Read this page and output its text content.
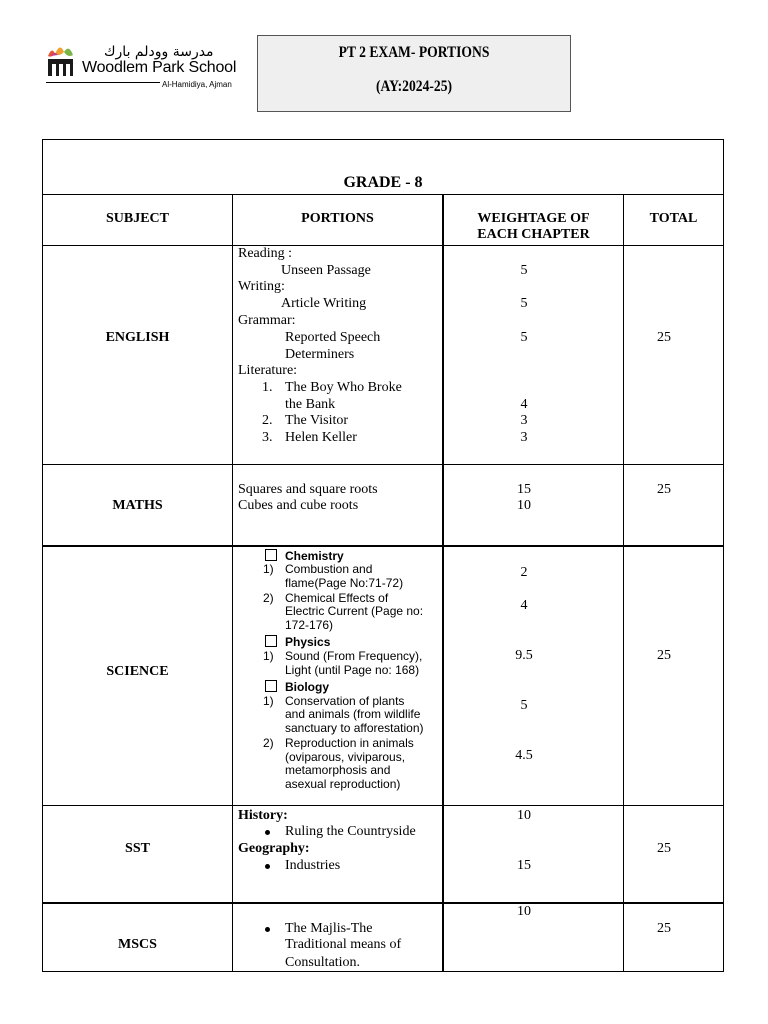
مدرسة وودلم بارك
Woodlem Park School
Al-Hamidiya, Ajman
PT 2 EXAM- PORTIONS
(AY:2024-25)
GRADE - 8
SUBJECT	PORTIONS	WEIGHTAGE OF
EACH CHAPTER
TOTAL
ENGLISH
Reading :
Unseen Passage
Writing:
Article Writing
Grammar:
Reported Speech
Determiners
Literature:
1. The Boy Who Broke
the Bank
2. The Visitor
3. Helen Keller
5
5
5
4
3
3
25
MATHS
Squares and square roots
Cubes and cube roots
15
10
25
SCIENCE
Chemistry
1) Combustion and
flame(Page No:71-72)
2) Chemical Effects of
Electric Current (Page no:
172-176)
Physics
1) Sound (From Frequency),
Light (until Page no: 168)
Biology
1) Conservation of plants
and animals (from wildlife
sanctuary to afforestation)
2) Reproduction in animals
(oviparous, viviparous,
metamorphosis and
asexual reproduction)
2
4
9.5
5
4.5
25
SST
History:
Ruling the Countryside
Geography:
Industries
10
15
25
MSCS
The Majlis-The
Traditional means of
Consultation.
10
25
